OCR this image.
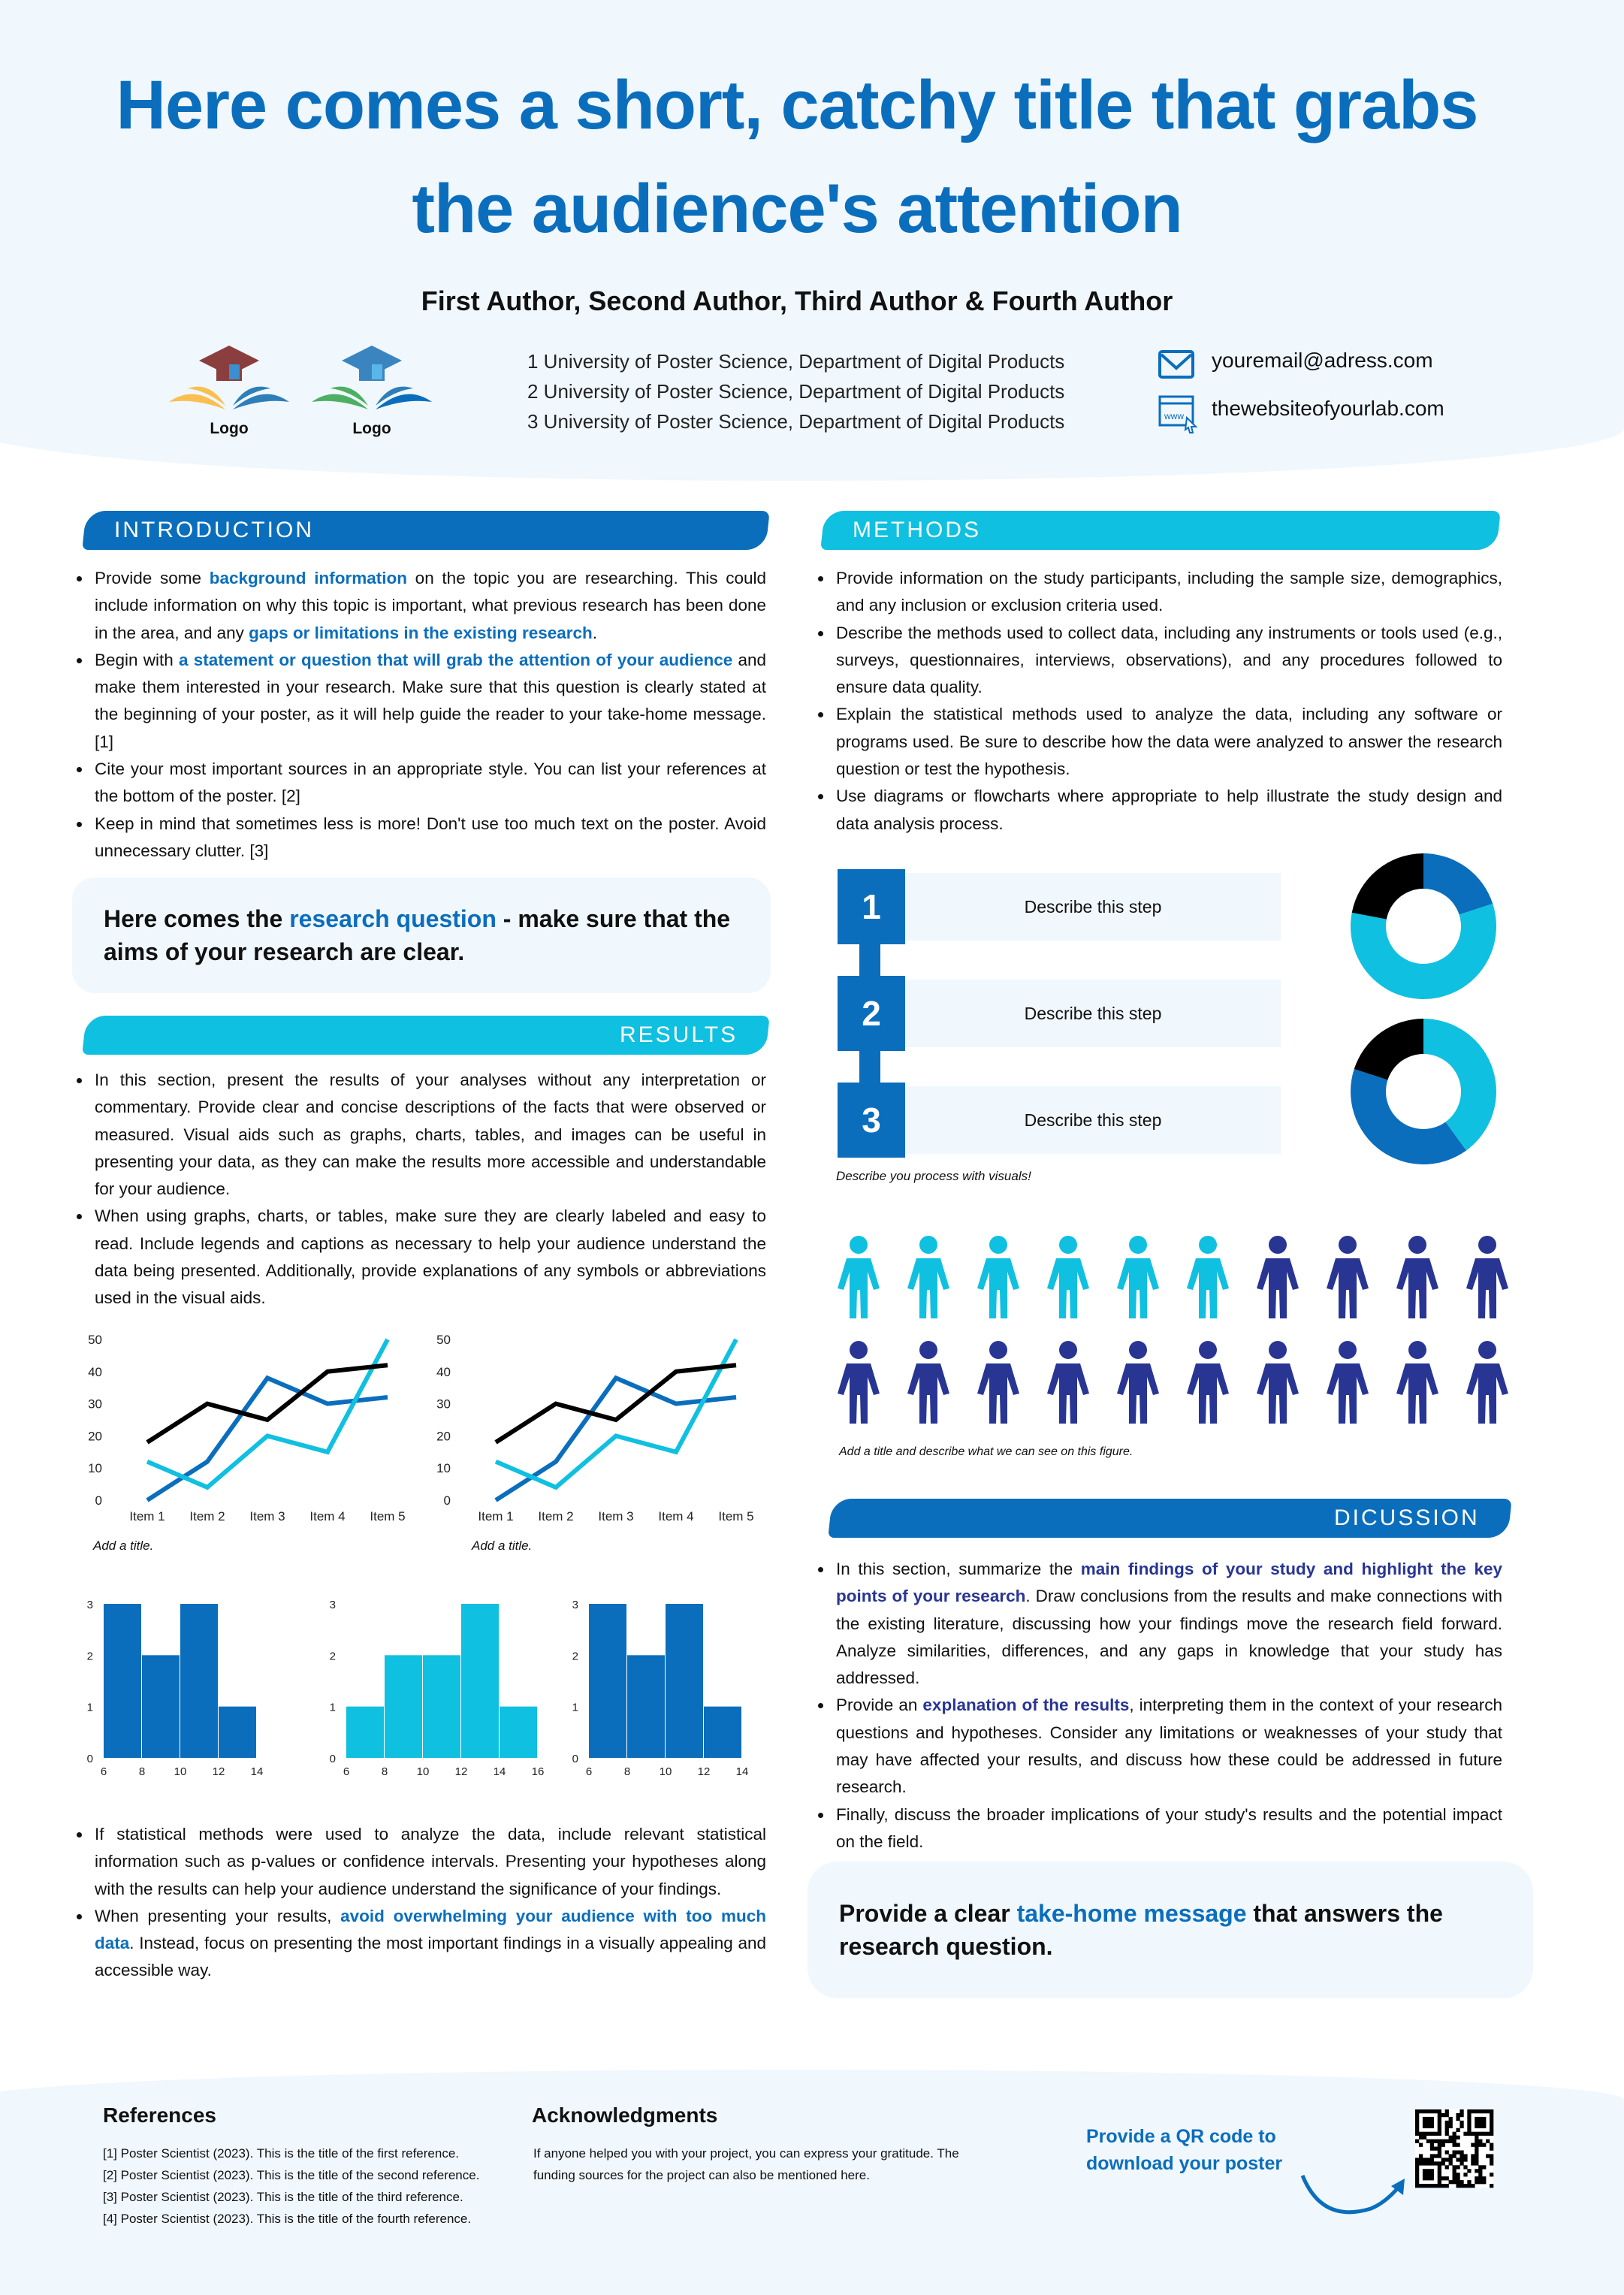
Here comes a short, catchy title that grabs
the audience's attention
First Author, Second Author, Third Author & Fourth Author
Logo	Logo
1 University of Poster Science, Department of Digital Products
2 University of Poster Science, Department of Digital Products
3 University of Poster Science, Department of Digital Products
youremail@adress.com
www thewebsiteofyourlab.com
INTRODUCTION
Provide some background information on the topic you are researching. This could include information on why this topic is important, what previous research has been done in the area, and any gaps or limitations in the existing research.
Begin with a statement or question that will grab the attention of your audience and make them interested in your research. Make sure that this question is clearly stated at the beginning of your poster, as it will help guide the reader to your take-home message. [1]
Cite your most important sources in an appropriate style. You can list your references at the bottom of the poster. [2]
Keep in mind that sometimes less is more! Don't use too much text on the poster. Avoid unnecessary clutter. [3]
Here comes the research question - make sure that the aims of your research are clear.
RESULTS
In this section, present the results of your analyses without any interpretation or commentary. Provide clear and concise descriptions of the facts that were observed or measured. Visual aids such as graphs, charts, tables, and images can be useful in presenting your data, as they can make the results more accessible and understandable for your audience.
When using graphs, charts, or tables, make sure they are clearly labeled and easy to read. Include legends and captions as necessary to help your audience understand the data being presented. Additionally, provide explanations of any symbols or abbreviations used in the visual aids.
0
10
20
30
40
50
Item 1 Item 2 Item 3 Item 4 Item 5
0
10
20
30
40
50
Item 1 Item 2 Item 3 Item 4 Item 5
Add a title.	Add a title.
0
1
2
3
6	8	10 12 14
0
1
2
3
6	8	10 12 14 16
0
1
2
3
6	8	10 12 14
If statistical methods were used to analyze the data, include relevant statistical information such as p-values or confidence intervals. Presenting your hypotheses along with the results can help your audience understand the significance of your findings.
When presenting your results, avoid overwhelming your audience with too much data. Instead, focus on presenting the most important findings in a visually appealing and accessible way.
METHODS
Provide information on the study participants, including the sample size, demographics, and any inclusion or exclusion criteria used.
Describe the methods used to collect data, including any instruments or tools used (e.g., surveys, questionnaires, interviews, observations), and any procedures followed to ensure data quality.
Explain the statistical methods used to analyze the data, including any software or programs used. Be sure to describe how the data were analyzed to answer the research question or test the hypothesis.
Use diagrams or flowcharts where appropriate to help illustrate the study design and data analysis process.
1	Describe this step
2	Describe this step
3	Describe this step
Describe you process with visuals!
Add a title and describe what we can see on this figure.
DICUSSION
In this section, summarize the main findings of your study and highlight the key points of your research. Draw conclusions from the results and make connections with the existing literature, discussing how your findings move the research field forward. Analyze similarities, differences, and any gaps in knowledge that your study has addressed.
Provide an explanation of the results, interpreting them in the context of your research questions and hypotheses. Consider any limitations or weaknesses of your study that may have affected your results, and discuss how these could be addressed in future research.
Finally, discuss the broader implications of your study's results and the potential impact on the field.
Provide a clear take-home message that answers the research question.
References
[1] Poster Scientist (2023). This is the title of the first reference.
[2] Poster Scientist (2023). This is the title of the second reference.
[3] Poster Scientist (2023). This is the title of the third reference.
[4] Poster Scientist (2023). This is the title of the fourth reference.
Acknowledgments
If anyone helped you with your project, you can express your gratitude. The
funding sources for the project can also be mentioned here.
Provide a QR code to
download your poster
